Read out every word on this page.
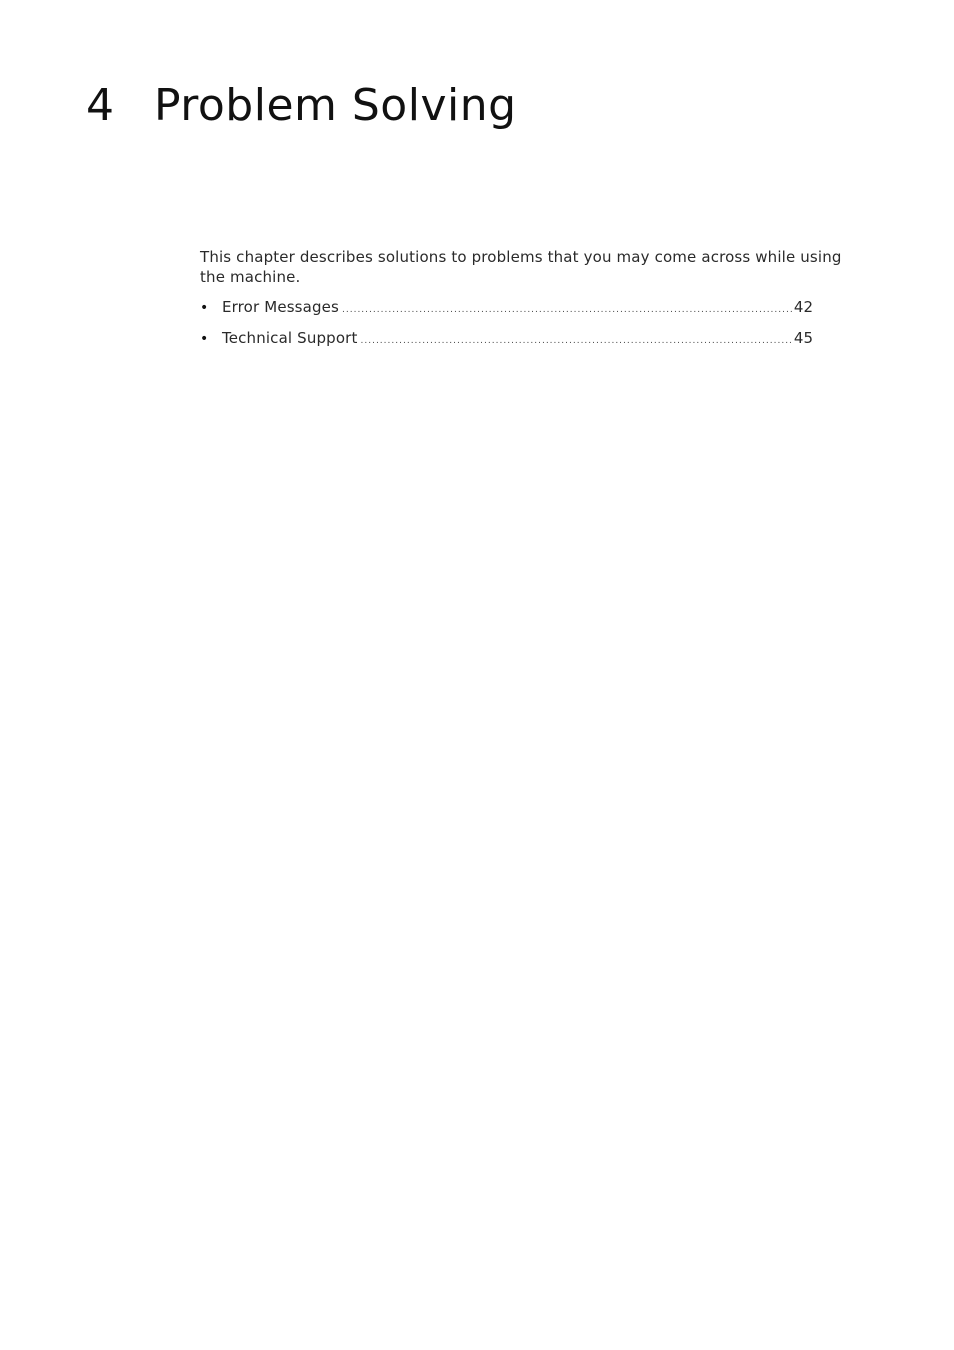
4 Problem Solving

This chapter describes solutions to problems that you may come across while using the machine.

• Error Messages .....	42
• Technical Support .....	45
